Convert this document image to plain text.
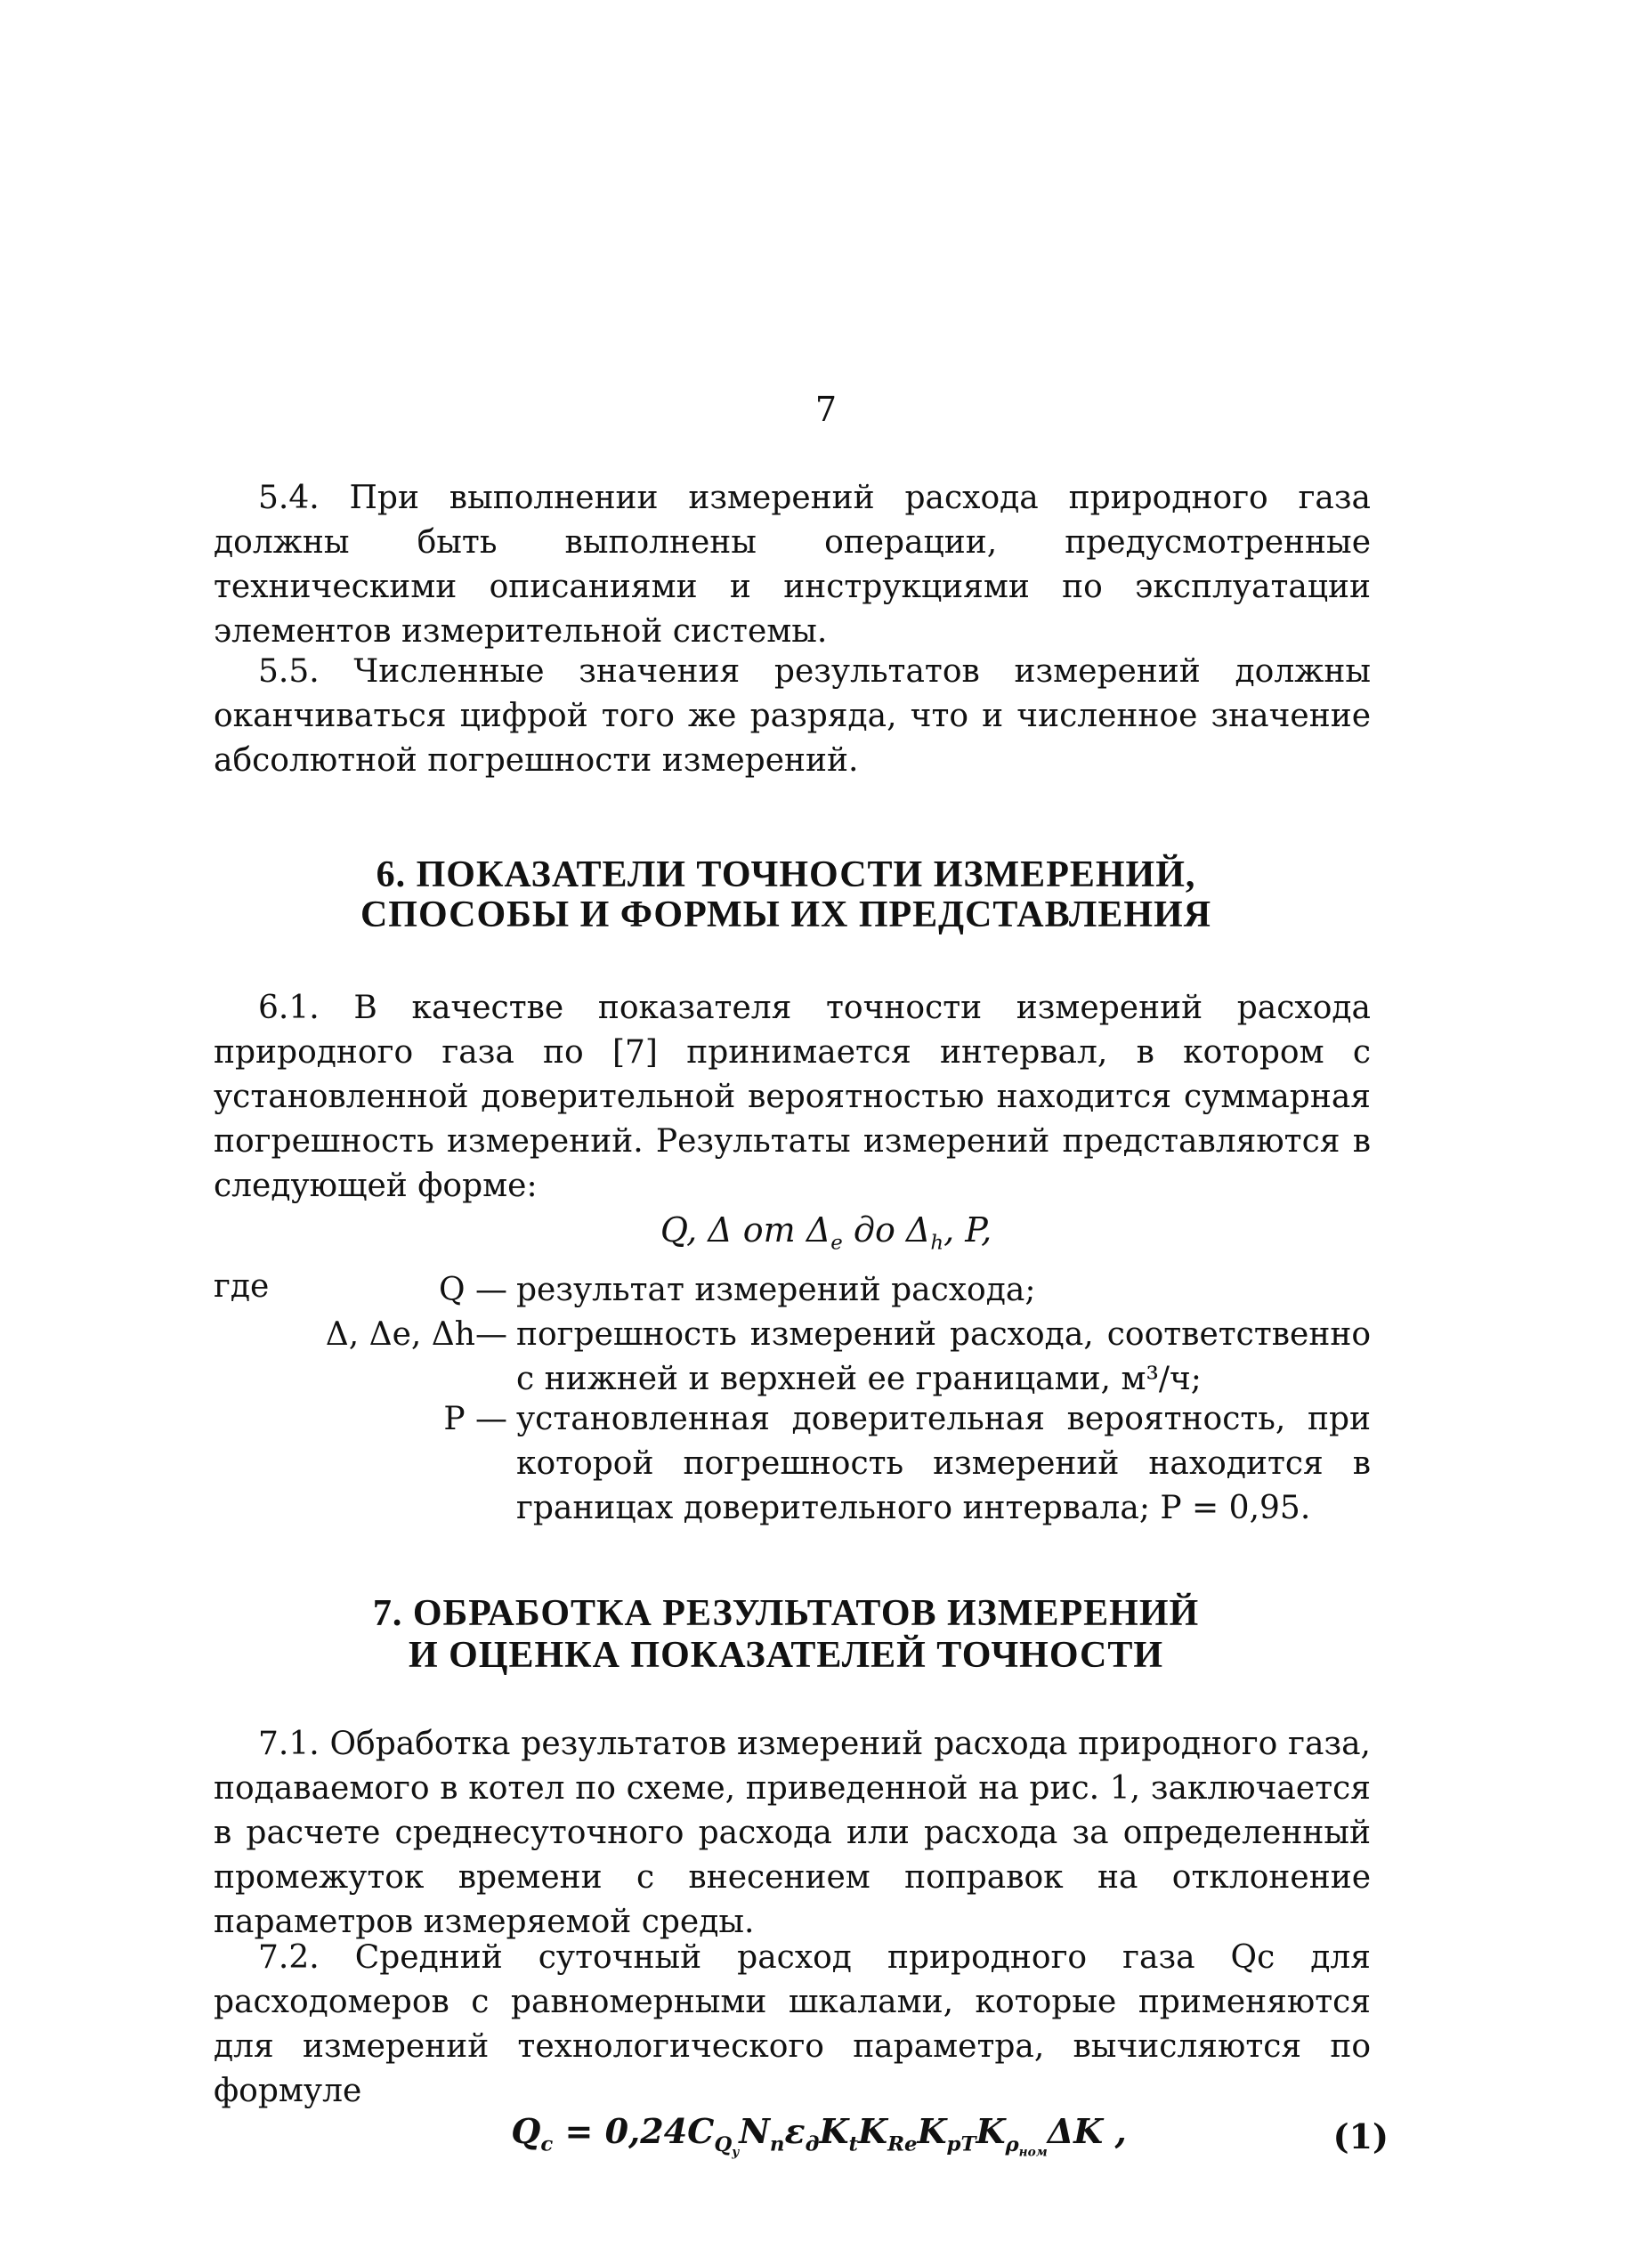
7
5.4. При выполнении измерений расхода природного газа должны быть выполнены операции, предусмотренные техническими описаниями и инструкциями по эксплуатации элементов измерительной системы.
5.5. Численные значения результатов измерений должны оканчиваться цифрой того же разряда, что и численное значение абсолютной погрешности измерений.
6. ПОКАЗАТЕЛИ ТОЧНОСТИ ИЗМЕРЕНИЙ,
СПОСОБЫ И ФОРМЫ ИХ ПРЕДСТАВЛЕНИЯ
6.1. В качестве показателя точности измерений расхода природного газа по [7] принимается интервал, в котором с установленной доверительной вероятностью находится суммарная погрешность измерений. Результаты измерений представляются в следующей форме:
Q, Δ от $\Delta_e$ до $\Delta_h$, P,
где	Q — результат измерений расхода;
Δ, Δe, Δh— погрешность измерений расхода, соответственно с нижней и верхней ее границами, м³/ч;
P — установленная доверительная вероятность, при которой погрешность измерений находится в границах доверительного интервала; P = 0,95.
7. ОБРАБОТКА РЕЗУЛЬТАТОВ ИЗМЕРЕНИЙ
И ОЦЕНКА ПОКАЗАТЕЛЕЙ ТОЧНОСТИ
7.1. Обработка результатов измерений расхода природного газа, подаваемого в котел по схеме, приведенной на рис. 1, заключается в расчете среднесуточного расхода или расхода за определенный промежуток времени с внесением поправок на отклонение параметров измеряемой среды.
7.2. Средний суточный расход природного газа Qc для расходомеров с равномерными шкалами, которые применяются для измерений технологического параметра, вычисляются по формуле
$Q_c = 0,24C_{Q_y}N_п\varepsilon_дK_tK_{Re}K_{pT}K_{\rho_{ном}}\Delta K$ ,	(1)
